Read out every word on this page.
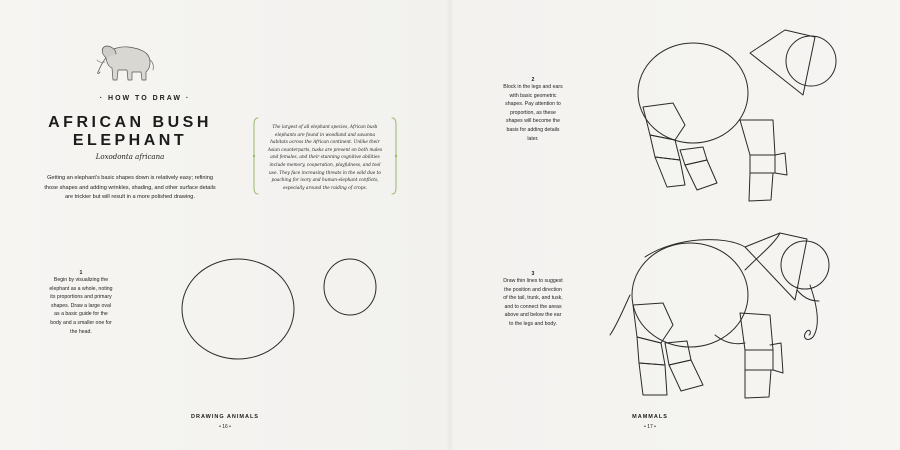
· HOW TO DRAW ·
AFRICAN BUSH
ELEPHANT
Loxodonta africana
Getting an elephant's basic shapes down is relatively easy; refining those shapes and adding wrinkles, shading, and other surface details are trickier but will result in a more polished drawing.
The largest of all elephant species, African bush elephants are found in woodland and savanna habitats across the African continent. Unlike their Asian counterparts, tusks are present on both males and females, and their stunning cognitive abilities include memory, cooperation, playfulness, and tool use. They face increasing threats in the wild due to poaching for ivory and human-elephant conflicts, especially around the raiding of crops.
1
Begin by visualizing the elephant as a whole, noting its proportions and primary shapes. Draw a large oval as a basic guide for the body and a smaller one for the head.
DRAWING ANIMALS
• 16 •
2
Block in the legs and ears with basic geometric shapes. Pay attention to proportion, as these shapes will become the basis for adding details later.
3
Draw thin lines to suggest the position and direction of the tail, trunk, and tusk, and to connect the areas above and below the ear to the legs and body.
MAMMALS
• 17 •
